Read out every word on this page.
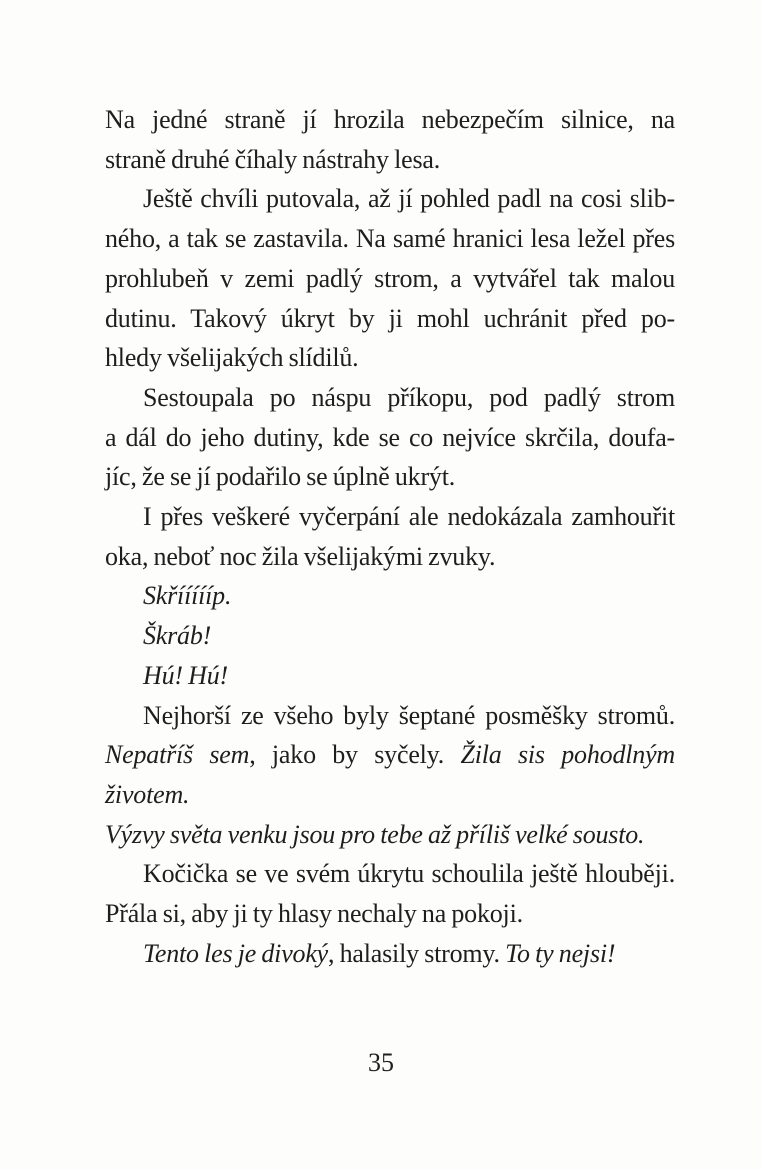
Na jedné straně jí hrozila nebezpečím silnice, na
straně druhé číhaly nástrahy lesa.
Ještě chvíli putovala, až jí pohled padl na cosi slib-
ného, a tak se zastavila. Na samé hranici lesa ležel přes
prohlubeň v zemi padlý strom, a vytvářel tak malou
dutinu. Takový úkryt by ji mohl uchránit před po-
hledy všelijakých slídilů.
Sestoupala po náspu příkopu, pod padlý strom
a dál do jeho dutiny, kde se co nejvíce skrčila, doufa-
jíc, že se jí podařilo se úplně ukrýt.
I přes veškeré vyčerpání ale nedokázala zamhouřit
oka, neboť noc žila všelijakými zvuky.
Skříííííp.
Škráb!
Hú! Hú!
Nejhorší ze všeho byly šeptané posměšky stromů.
Nepatříš sem, jako by syčely. Žila sis pohodlným životem.
Výzvy světa venku jsou pro tebe až příliš velké sousto.
Kočička se ve svém úkrytu schoulila ještě hlouběji.
Přála si, aby ji ty hlasy nechaly na pokoji.
Tento les je divoký, halasily stromy. To ty nejsi!
35
